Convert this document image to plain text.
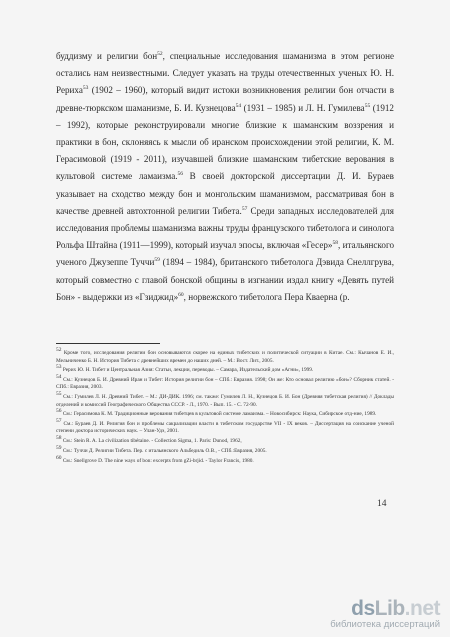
буддизму и религии бон$^{52}$, специальные исследования шаманизма в этом регионе остались нам неизвестными. Следует указать на труды отечественных ученых Ю. Н. Рериха$^{53}$ (1902 – 1960), который видит истоки возникновения религии бон отчасти в древне-тюркском шаманизме, Б. И. Кузнецова$^{54}$ (1931 – 1985) и Л. Н. Гумилева$^{55}$ (1912 – 1992), которые реконструировали многие близкие к шаманским воззрения и практики в бон, склоняясь к мысли об иранском происхождении этой религии, К. М. Герасимовой (1919 - 2011), изучавшей близкие шаманским тибетские верования в культовой системе ламаизма.$^{56}$ В своей докторской диссертации Д. И. Бураев указывает на сходство между бон и монгольским шаманизмом, рассматривая бон в качестве древней автохтонной религии Тибета.$^{57}$ Среди западных исследователей для исследования проблемы шаманизма важны труды французского тибетолога и синолога Рольфа Штайна (1911—1999), который изучал эпосы, включая «Гесер»$^{58}$, итальянского ученого Джузеппе Туччи$^{59}$ (1894 – 1984), британского тибетолога Дэвида Снеллгрува, который совместно с главой бонской общины в изгнании издал книгу «Девять путей Бон» - выдержки из «Гзиджид»$^{60}$, норвежского тибетолога Пера Кваерна (р.

$^{52}$ Кроме того, исследования религии бон основываются скорее на единых тибетских и политической ситуации в Китае. См.: Кычанов Е. И., Мельниченко Б. Н. История Тибета с древнейших времен до наших дней. – М.: Вост. Лит., 2005.
$^{53}$ Рерих Ю. Н. Тибет и Центральная Азия: Статьи, лекции, переводы. – Самара, Издательский дом «Агни», 1999.
$^{54}$ См.: Кузнецов Б. И. Древний Иран и Тибет: История религии бон – СПб.: Евразия. 1998; Он же: Кто основал религию «бон»? Сборник статей. - СПб.: Евразия, 2003.
$^{55}$ См.: Гумилев Л. Н. Древний Тибет. – М.: ДИ-ДИК. 1996; см. также: Гумилев Л. Н., Кузнецов Б. И. Бон (Древняя тибетская религия) // Доклады отделений и комиссий Географического Общества СССР. - Л., 1970. - Вып. 15. - С. 72-90.
$^{56}$ См.: Герасимова К. М. Традиционные верования тибетцев в культовой системе ламаизма. – Новосибирск: Наука, Сибирское отд-ние, 1989.
$^{57}$ См.: Бураев Д. И. Религия бон и проблемы сакрализации власти в тибетском государстве VII - IX веков. – Диссертация на соискание ученой степени доктора исторических наук. – Улан-Удэ, 2001.
$^{58}$ См.: Stein R. A. La civilization tibétaine. - Collection Sigma, 1. Paris: Dunod, 1962,
$^{59}$ См.: Туччи Д. Религии Тибета. Пер. с итальянского Альбедиль О.В., - СПб.:Евразия, 2005.
$^{60}$ См.: Snellgrove D. The nine ways of bon: excerpts from gZi-brjid. - Taylor Francis, 1980.
14
dsLib.net
библиотека диссертаций
